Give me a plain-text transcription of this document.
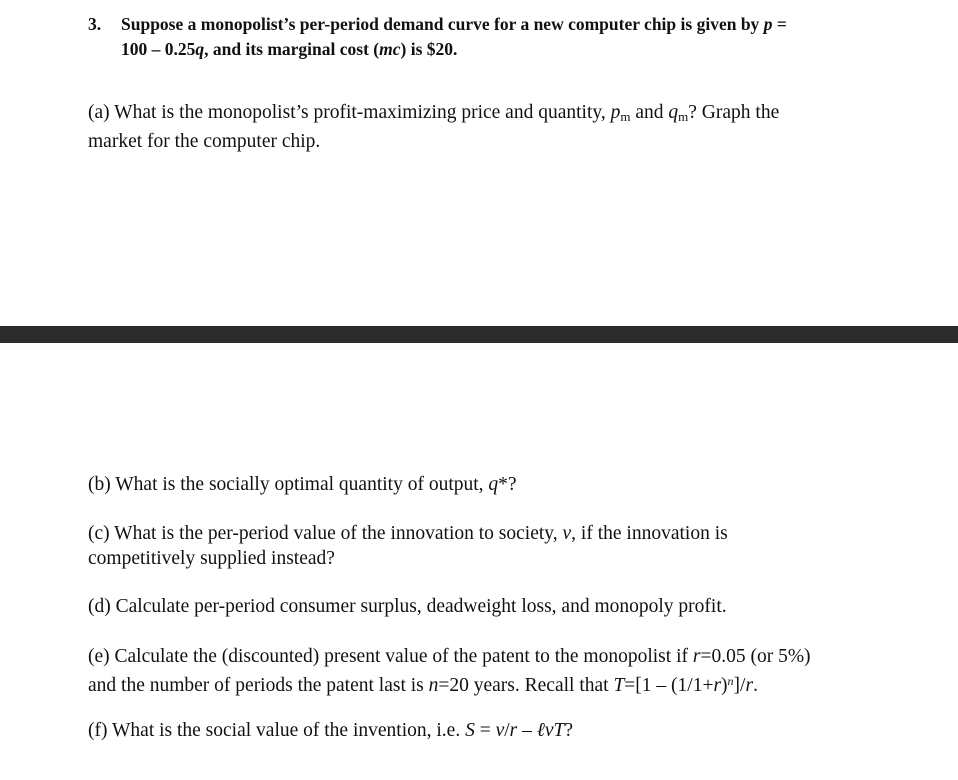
3. Suppose a monopolist’s per-period demand curve for a new computer chip is given by p =
100 – 0.25q, and its marginal cost (mc) is $20.
(a) What is the monopolist’s profit-maximizing price and quantity, $p_m$ and $q_m$? Graph the
market for the computer chip.
(b) What is the socially optimal quantity of output, q*?
(c) What is the per-period value of the innovation to society, v, if the innovation is
competitively supplied instead?
(d) Calculate per-period consumer surplus, deadweight loss, and monopoly profit.
(e) Calculate the (discounted) present value of the patent to the monopolist if r=0.05 (or 5%)
and the number of periods the patent last is n=20 years. Recall that $T=[1 - (1/1+r)^n]/r$.
(f) What is the social value of the invention, i.e. S = v/r – ℓvT?
